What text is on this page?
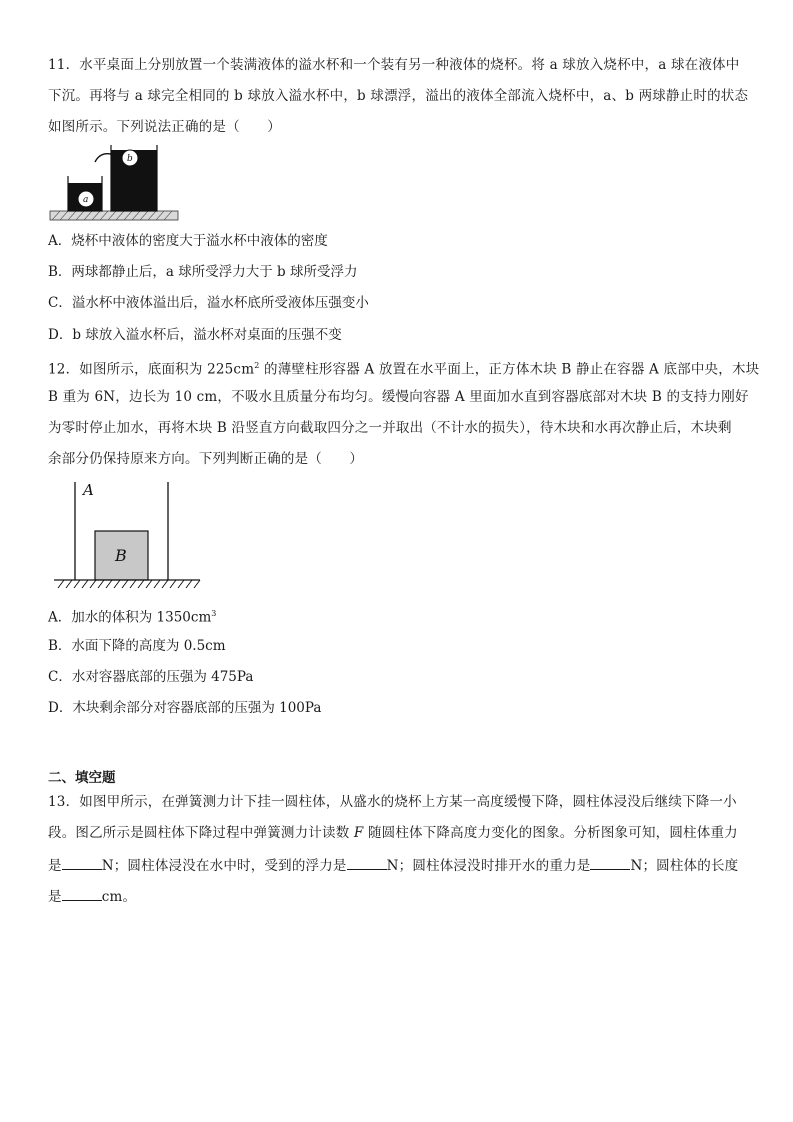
11．水平桌面上分别放置一个装满液体的溢水杯和一个装有另一种液体的烧杯。将 a 球放入烧杯中，a 球在液体中
下沉。再将与 a 球完全相同的 b 球放入溢水杯中，b 球漂浮，溢出的液体全部流入烧杯中，a、b 两球静止时的状态
如图所示。下列说法正确的是（　　）
a
b
A．烧杯中液体的密度大于溢水杯中液体的密度
B．两球都静止后，a 球所受浮力大于 b 球所受浮力
C．溢水杯中液体溢出后，溢水杯底所受液体压强变小
D．b 球放入溢水杯后，溢水杯对桌面的压强不变
12．如图所示，底面积为 $225cm^2$ 的薄壁柱形容器 A 放置在水平面上，正方体木块 B 静止在容器 A 底部中央，木块
B 重为 6N，边长为 10 cm，不吸水且质量分布均匀。缓慢向容器 A 里面加水直到容器底部对木块 B 的支持力刚好
为零时停止加水，再将木块 B 沿竖直方向截取四分之一并取出（不计水的损失），待木块和水再次静止后，木块剩
余部分仍保持原来方向。下列判断正确的是（　　）
A
B
A．加水的体积为 $1350cm^3$
B．水面下降的高度为 0.5cm
C．水对容器底部的压强为 475Pa
D．木块剩余部分对容器底部的压强为 100Pa
二、填空题
13．如图甲所示，在弹簧测力计下挂一圆柱体，从盛水的烧杯上方某一高度缓慢下降，圆柱体浸没后继续下降一小
段。图乙所示是圆柱体下降过程中弹簧测力计读数 F 随圆柱体下降高度力变化的图象。分析图象可知，圆柱体重力
是	N；圆柱体浸没在水中时，受到的浮力是	N；圆柱体浸没时排开水的重力是	N；圆柱体的长度
是	cm。
